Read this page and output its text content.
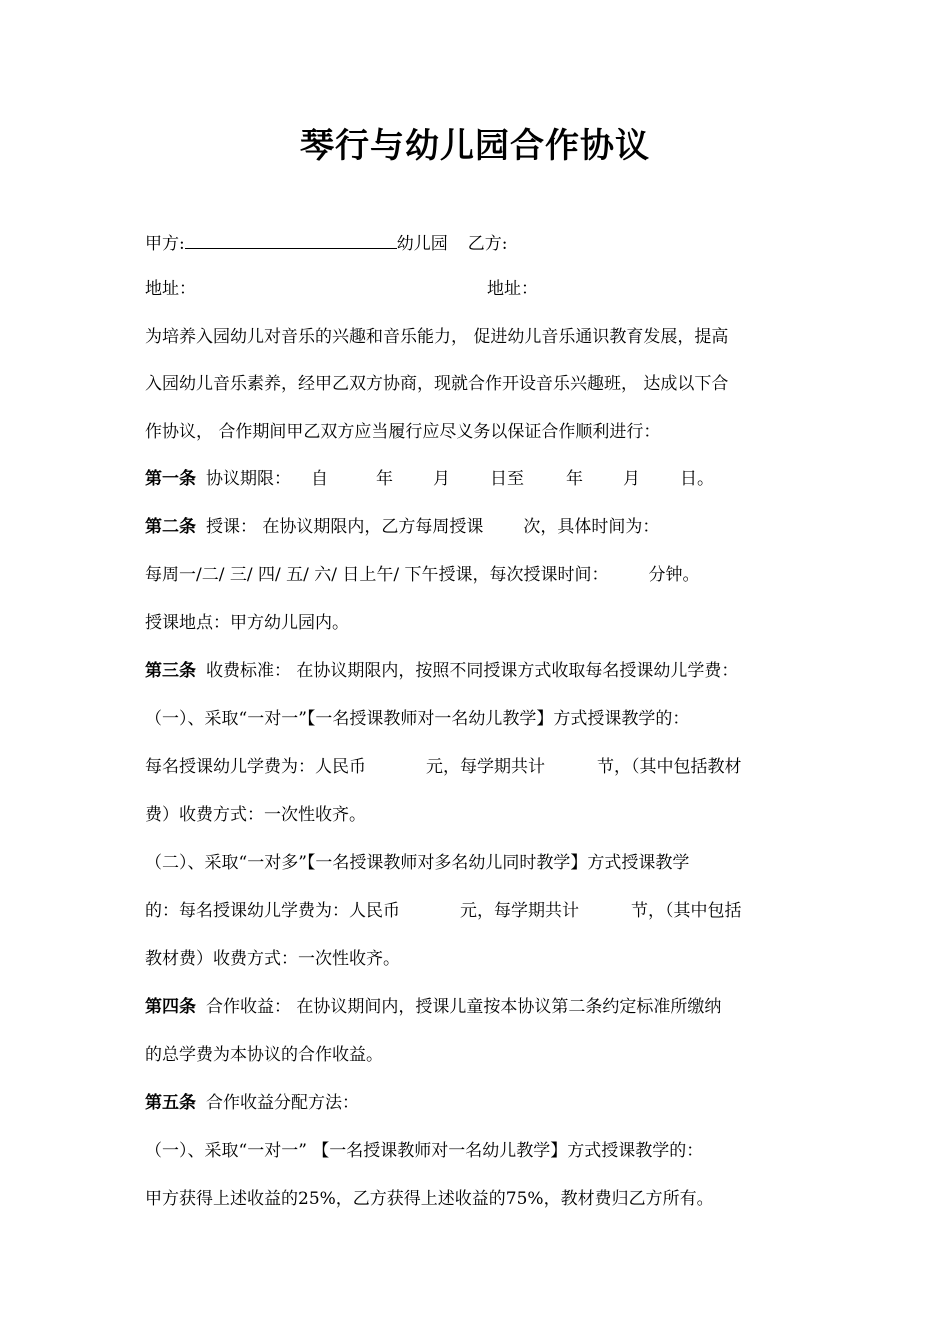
琴行与幼儿园合作协议
甲方:	幼儿园 乙方:
地址：	地址：
为培养入园幼儿对音乐的兴趣和音乐能力， 促进幼儿音乐通识教育发展，提高
入园幼儿音乐素养，经甲乙双方协商，现就合作开设音乐兴趣班， 达成以下合
作协议， 合作期间甲乙双方应当履行应尽义务以保证合作顺利进行：
第一条 协议期限： 自	年 月 日至 年 月 日。
第二条 授课： 在协议期限内，乙方每周授课 次，具体时间为：
每周一/二/ 三/ 四/ 五/ 六/ 日上午/ 下午授课，每次授课时间： 分钟。
授课地点：甲方幼儿园内。
第三条 收费标准： 在协议期限内，按照不同授课方式收取每名授课幼儿学费：
（一）、采取“一对一”【一名授课教师对一名幼儿教学】方式授课教学的：
每名授课幼儿学费为：人民币	元，每学期共计	节，（其中包括教材
费）收费方式：一次性收齐。
（二）、采取“一对多”【一名授课教师对多名幼儿同时教学】方式授课教学
的：每名授课幼儿学费为：人民币	元，每学期共计	节，（其中包括
教材费）收费方式：一次性收齐。
第四条 合作收益： 在协议期间内，授课儿童按本协议第二条约定标准所缴纳
的总学费为本协议的合作收益。
第五条 合作收益分配方法：
（一）、采取“一对一” 【一名授课教师对一名幼儿教学】方式授课教学的：
甲方获得上述收益的25%，乙方获得上述收益的75%，教材费归乙方所有。
